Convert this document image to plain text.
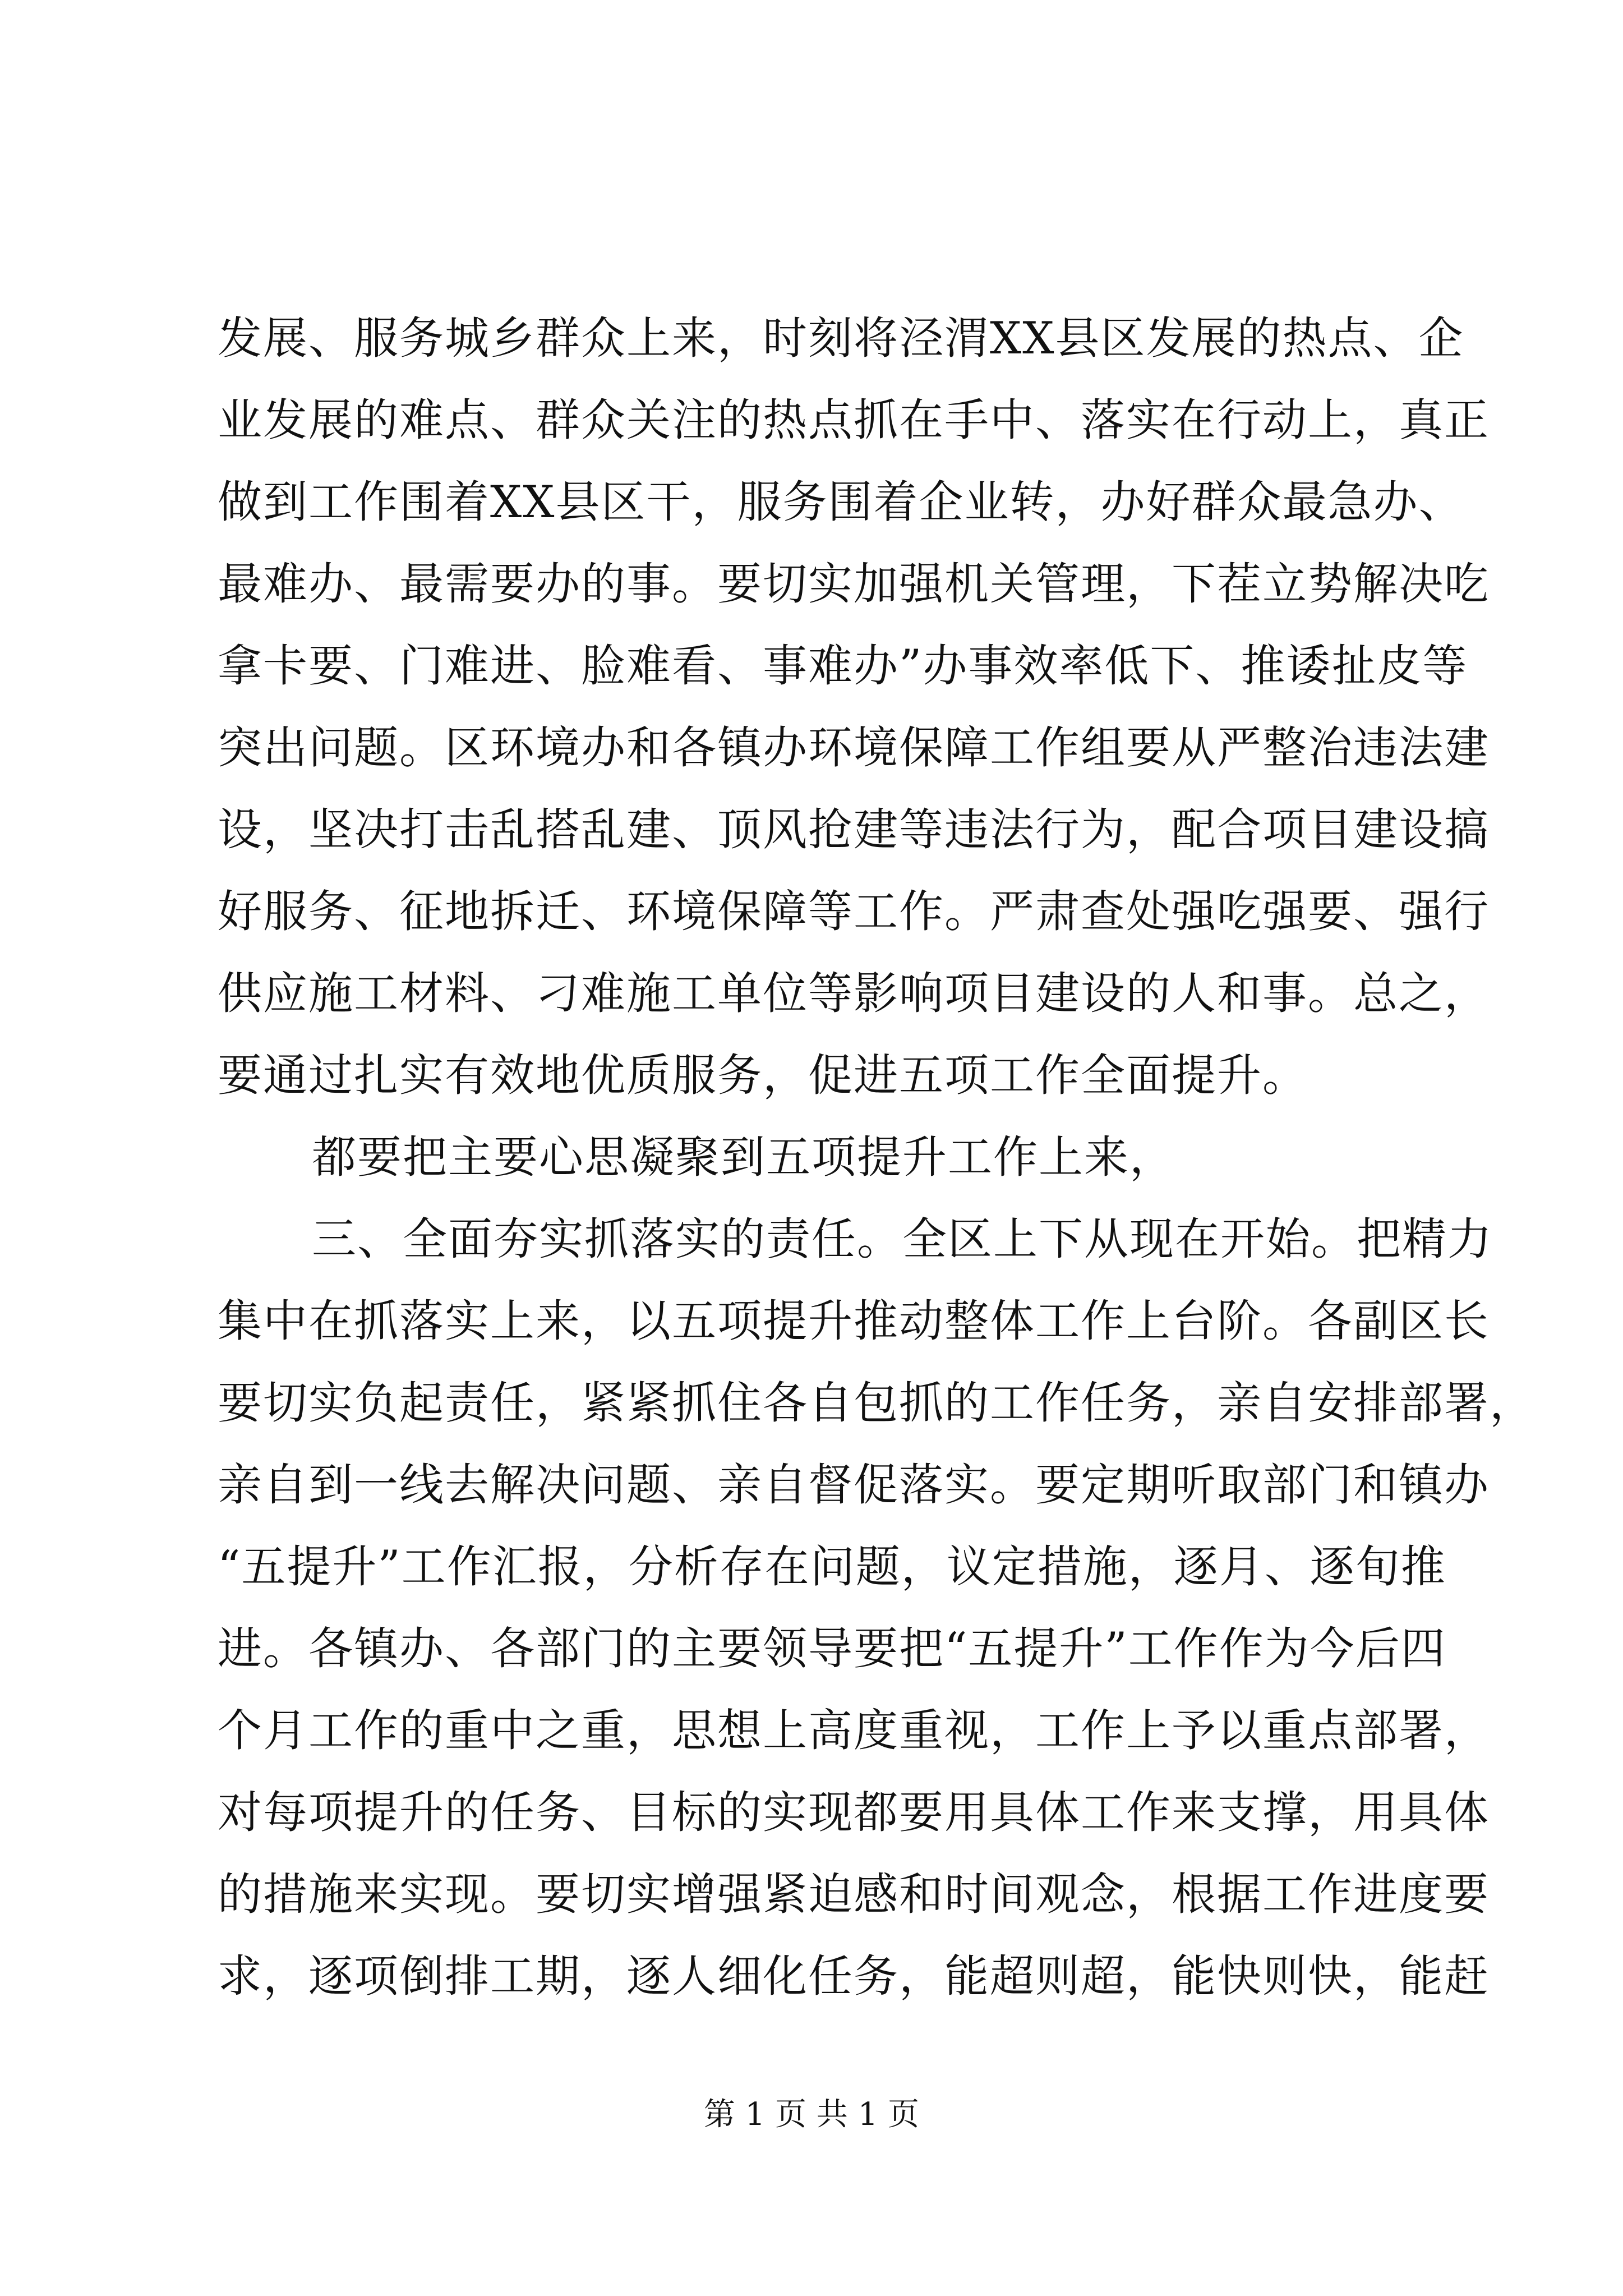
发展、服务城乡群众上来，时刻将泾渭XX县区发展的热点、企
业发展的难点、群众关注的热点抓在手中、落实在行动上，真正
做到工作围着XX县区干，服务围着企业转，办好群众最急办、
最难办、最需要办的事。要切实加强机关管理，下茬立势解决吃
拿卡要、门难进、脸难看、事难办”办事效率低下、推诿扯皮等
突出问题。区环境办和各镇办环境保障工作组要从严整治违法建
设，坚决打击乱搭乱建、顶风抢建等违法行为，配合项目建设搞
好服务、征地拆迁、环境保障等工作。严肃查处强吃强要、强行
供应施工材料、刁难施工单位等影响项目建设的人和事。总之，
要通过扎实有效地优质服务，促进五项工作全面提升。
都要把主要心思凝聚到五项提升工作上来，
三、全面夯实抓落实的责任。全区上下从现在开始。把精力
集中在抓落实上来，以五项提升推动整体工作上台阶。各副区长
要切实负起责任，紧紧抓住各自包抓的工作任务，亲自安排部署，
亲自到一线去解决问题、亲自督促落实。要定期听取部门和镇办
“五提升”工作汇报，分析存在问题，议定措施，逐月、逐旬推
进。各镇办、各部门的主要领导要把“五提升”工作作为今后四
个月工作的重中之重，思想上高度重视，工作上予以重点部署，
对每项提升的任务、目标的实现都要用具体工作来支撑，用具体
的措施来实现。要切实增强紧迫感和时间观念，根据工作进度要
求，逐项倒排工期，逐人细化任务，能超则超，能快则快，能赶
第 1 页 共 1 页
